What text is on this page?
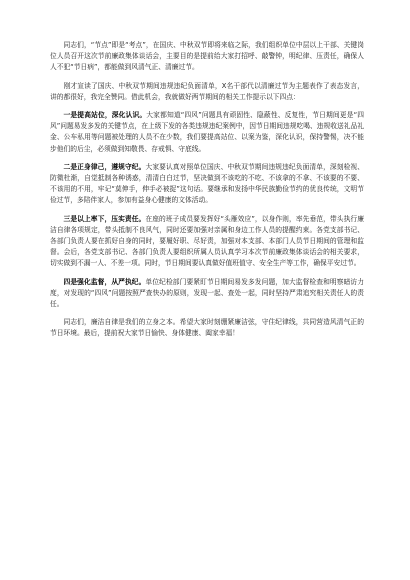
同志们，“节点”即是“考点”，在国庆、中秋双节即将来临之际，我们组织单位中层以上干部、关键岗位人员召开这次节前廉政集体谈话会，主要目的是提前给大家打招呼、敲警钟，明纪律、压责任，确保人人不犯“节日病”，都能做到风清气正、清廉过节。

刚才宣读了国庆、中秋双节期间违规违纪负面清单，X名干部代以清廉过节为主题表作了表态发言，讲的都很好，我完全赞同。借此机会，我就做好两节期间的相关工作提示以下四点：

一是提高站位，深化认识。大家都知道“四风”问题具有顽固性、隐蔽性、反复性，节日期间更是“四风”问题易发多发的关键节点，在上级下发的各类违规违纪案例中，因节日期间违规吃喝、违规收送礼品礼金、公车私用等问题被处理的人员不在少数，我们要提高站位、以案为鉴，深化认识，保持警惕，决不能步他们的后尘，必须做到知敬畏、存戒惧、守底线。

二是正身律己，遵规守纪。大家要认真对照单位国庆、中秋双节期间违规违纪负面清单，深刻检视、防微杜渐，自觉抵制各种诱惑，清清白白过节，坚决做到不该吃的不吃、不该拿的不拿、不该要的不要、不该用的不用，牢记“莫伸手，伸手必被捉”这句话。要继承和发扬中华民族勤俭节约的优良传统，文明节俭过节，多陪伴家人，参加有益身心健康的文体活动。

三是以上率下，压实责任。在座的班子成员要发挥好“头雁效应”，以身作则，率先垂范，带头执行廉洁自律各项规定，带头抵制不良风气，同时还要加强对亲属和身边工作人员的提醒约束。各党支部书记、各部门负责人要在抓好自身的同时，要履好职、尽好责，加强对本支部、本部门人员节日期间的管理和监督。会后，各党支部书记、各部门负责人要组织所属人员认真学习本次节前廉政集体谈话会的相关要求，切实做到不漏一人、不差一项。同时，节日期间要认真做好值班值守、安全生产等工作，确保平安过节。

四是强化监督，从严执纪。单位纪检部门要紧盯节日期间易发多发问题，加大监督检查和明察暗访力度，对发现的“四风”问题按照严查快办的原则，发现一起、查处一起，同时坚持严肃追究相关责任人的责任。

同志们，廉洁自律是我们的立身之本。希望大家时刻绷紧廉洁弦，守住纪律线，共同营造风清气正的节日环境。最后，提前祝大家节日愉快、身体健康、阖家幸福！
